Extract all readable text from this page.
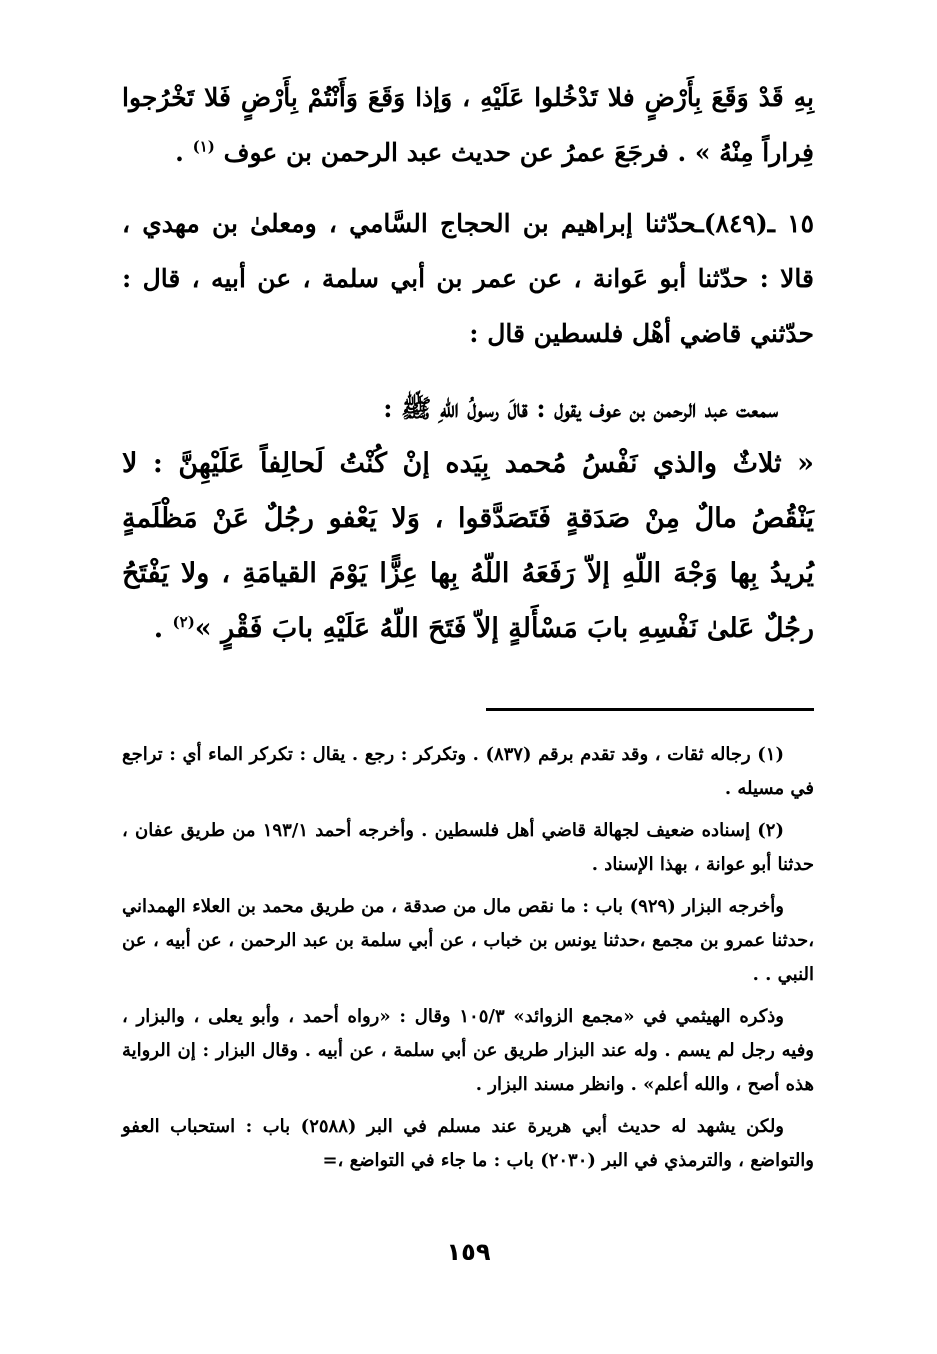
بِهِ قَدْ وَقَعَ بِأَرْضٍ فلا تَدْخُلوا عَلَيْهِ ، وَإذا وَقَعَ وَأَنْتُمْ بِأَرْضٍ فَلا تَخْرُجوا فِراراً مِنْهُ » . فرجَعَ عمرُ عن حديث عبد الرحمن بن عوف $^{(١)}$ .

١٥ ـ(٨٤٩)ـحدّثنا إبراهيم بن الحجاج السَّامي ، ومعلىٰ بن مهدي ، قالا : حدّثنا أبو عَوانة ، عن عمر بن أبي سلمة ، عن أبيه ، قال : حدّثني قاضي أهْل فلسطين قال :

سمعت عبد الرحمن بن عوف يقول : قالَ رسولُ اللّهِ ﷺ :

« ثلاثٌ والذي نَفْسُ مُحمد بِيَده إنْ كُنْتُ لَحالِفاً عَلَيْهِنَّ : لا يَنْقُصُ مالٌ مِنْ صَدَقةٍ فَتَصَدَّقوا ، وَلا يَعْفو رجُلٌ عَنْ مَظْلَمةٍ يُريدُ بِها وَجْهَ اللّهِ إلاّ رَفَعَهُ اللّهُ بِها عِزًّا يَوْمَ القيامَةِ ، ولا يَفْتَحُ رجُلٌ عَلىٰ نَفْسِهِ بابَ مَسْأَلةٍ إلاّ فَتَحَ اللّهُ عَلَيْهِ بابَ فَقْرٍ »$^{(٢)}$ .

(١) رجاله ثقات ، وقد تقدم برقم (٨٣٧) . وتكركر : رجع . يقال : تكركر الماء أي : تراجع في مسيله .

(٢) إسناده ضعيف لجهالة قاضي أهل فلسطين . وأخرجه أحمد ١٩٣/١ من طريق عفان ، حدثنا أبو عوانة ، بهذا الإسناد .

وأخرجه البزار (٩٢٩) باب : ما نقص مال من صدقة ، من طريق محمد بن العلاء الهمداني ،حدثنا عمرو بن مجمع ،حدثنا يونس بن خباب ، عن أبي سلمة بن عبد الرحمن ، عن أبيه ، عن النبي . .

وذكره الهيثمي في «مجمع الزوائد» ١٠٥/٣ وقال : «رواه أحمد ، وأبو يعلى ، والبزار ، وفيه رجل لم يسم . وله عند البزار طريق عن أبي سلمة ، عن أبيه . وقال البزار : إن الرواية هذه أصح ، والله أعلم» . وانظر مسند البزار .

ولكن يشهد له حديث أبي هريرة عند مسلم في البر (٢٥٨٨) باب : استحباب العفو والتواضع ، والترمذي في البر (٢٠٣٠) باب : ما جاء في التواضع ،=

١٥٩
